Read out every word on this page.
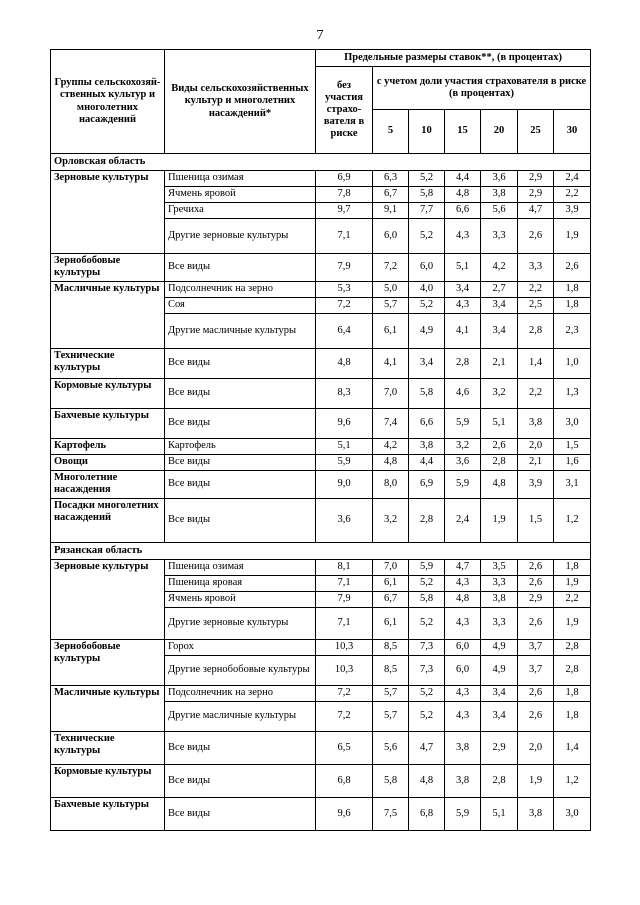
7
Группы сельскохозяй-ственных культур и многолетних насаждений	Виды сельскохозяйственных культур и многолетних насаждений*	Предельные размеры ставок**, (в процентах)						
		без участия страхо-вателя в риске	с учетом доли участия страхователя в риске (в процентах)					
			5	10	15	20	25	30
Орловская область								
Зерновые культуры	Пшеница озимая	6,9	6,3	5,2	4,4	3,6	2,9	2,4
	Ячмень яровой	7,8	6,7	5,8	4,8	3,8	2,9	2,2
	Гречиха	9,7	9,1	7,7	6,6	5,6	4,7	3,9
	Другие зерновые культуры	7,1	6,0	5,2	4,3	3,3	2,6	1,9
Зернобобовые культуры	Все виды	7,9	7,2	6,0	5,1	4,2	3,3	2,6
Масличные культуры	Подсолнечник на зерно	5,3	5,0	4,0	3,4	2,7	2,2	1,8
	Соя	7,2	5,7	5,2	4,3	3,4	2,5	1,8
	Другие масличные культуры	6,4	6,1	4,9	4,1	3,4	2,8	2,3
Технические культуры	Все виды	4,8	4,1	3,4	2,8	2,1	1,4	1,0
Кормовые культуры	Все виды	8,3	7,0	5,8	4,6	3,2	2,2	1,3
Бахчевые культуры	Все виды	9,6	7,4	6,6	5,9	5,1	3,8	3,0
Картофель	Картофель	5,1	4,2	3,8	3,2	2,6	2,0	1,5
Овощи	Все виды	5,9	4,8	4,4	3,6	2,8	2,1	1,6
Многолетние насаждения	Все виды	9,0	8,0	6,9	5,9	4,8	3,9	3,1
Посадки многолетних насаждений	Все виды	3,6	3,2	2,8	2,4	1,9	1,5	1,2
Рязанская область								
Зерновые культуры	Пшеница озимая	8,1	7,0	5,9	4,7	3,5	2,6	1,8
	Пшеница яровая	7,1	6,1	5,2	4,3	3,3	2,6	1,9
	Ячмень яровой	7,9	6,7	5,8	4,8	3,8	2,9	2,2
	Другие зерновые культуры	7,1	6,1	5,2	4,3	3,3	2,6	1,9
Зернобобовые культуры	Горох	10,3	8,5	7,3	6,0	4,9	3,7	2,8
	Другие зернобобовые культуры	10,3	8,5	7,3	6,0	4,9	3,7	2,8
Масличные культуры	Подсолнечник на зерно	7,2	5,7	5,2	4,3	3,4	2,6	1,8
	Другие масличные культуры	7,2	5,7	5,2	4,3	3,4	2,6	1,8
Технические культуры	Все виды	6,5	5,6	4,7	3,8	2,9	2,0	1,4
Кормовые культуры	Все виды	6,8	5,8	4,8	3,8	2,8	1,9	1,2
Бахчевые культуры	Все виды	9,6	7,5	6,8	5,9	5,1	3,8	3,0
